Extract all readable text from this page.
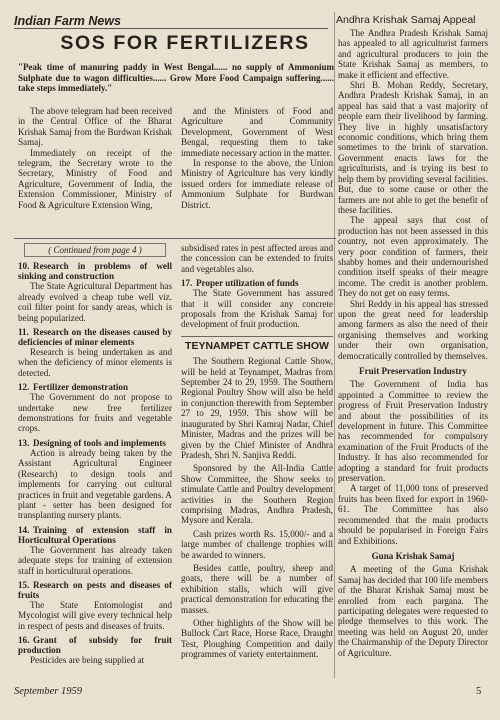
Indian Farm News	Andhra Krishak Samaj Appeal
SOS FOR FERTILIZERS
"Peak time of manuring paddy in West Bengal...... no supply of Ammonium Sulphate due to wagon difficulties...... Grow More Food Campaign suffering...... take steps immediately."

The above telegram had been received in the Central Office of the Bharat Krishak Samaj from the Burdwan Krishak Samaj.

Immediately on receipt of the telegram, the Secretary wrote to the Secretary, Ministry of Food and Agriculture, Government of India, the Extension Commissioner, Ministry of Food & Agriculture Extension Wing,

and the Ministers of Food and Agriculture and Community Development, Government of West Bengal, requesting them to take immediate necessary action in the matter.

In response to the above, the Union Ministry of Agriculture has very kindly issued orders for immediate release of Ammonium Sulphate for Burdwan District.

( Continued from page 4 )
10. Research in problems of well sinking and construction

The State Agricultural Department has already evolved a cheap tube well viz. coil filter point for sandy areas, which is being popularized.

11. Research on the diseases caused by deficiencies of minor elements

Research is being undertaken as and when the deficiency of minor elements is detected.

12. Fertilizer demonstration

The Government do not propose to undertake new free fertilizer demonstrations for fruits and vegetable crops.

13. Designing of tools and implements

Action is already being taken by the Assistant Agricultural Engineer (Research) to design tools and implements for carrying out cultural practices in fruit and vegetable gardens. A plant - setter has been designed for transplanting nursery plants.

14. Training of extension staff in Horticultural Operations

The Government has already taken adequate steps for training of extension staff in horticultural operations.

15. Research on pests and diseases of fruits

The State Entomologist and Mycologist will give every technical help in respect of pests and diseases of fruits.

16. Grant of subsidy for fruit production

Pesticides are being supplied at

subsidised rates in pest affected areas and the concession can be extended to fruits and vegetables also.

17. Proper utilization of funds

The State Government has assured that it will consider any concrete proposals from the Krishak Samaj for development of fruit production.

TEYNAMPET CATTLE SHOW

The Southern Regional Cattle Show, will be held at Teynampet, Madras from September 24 to 29, 1959. The Southern Regional Poultry Show will also be held in conjunction therewith from September 27 to 29, 1959. This show will be inaugurated by Shri Kamraj Nadar, Chief Minister, Madras and the prizes will be given by the Chief Minister of Andhra Pradesh, Shri N. Sanjiva Reddi.

Sponsored by the All-India Cattle Show Committee, the Show seeks to stimulate Cattle and Poultry development activities in the Southern Region comprising Madras, Andhra Pradesh, Mysore and Kerala.

Cash prizes worth Rs. 15,000/- and a large number of challenge trophies will be awarded to winners.

Besides cattle, poultry, sheep and goats, there will be a number of exhibition stalls, which will give practical demonstration for educating the masses.

Other highlights of the Show will be Bullock Cart Race, Horse Race, Draught Test, Ploughing Competition and daily programmes of variety entertainment.

The Andhra Pradesh Krishak Samaj has appealed to all agriculturist farmers and agricultural producers to join the State Krishak Samaj as members, to make it efficient and effective.

Shri B. Mohan Reddy, Secretary, Andhra Pradesh Krishak Samaj, in an appeal has said that a vast majority of people earn their livelihood by farming. They live in highly unsatisfactory economic conditions, which bring them sometimes to the brink of starvation. Government enacts laws for the agriculturists, and is trying its best to help them by providing several facilities. But, due to some cause or other the farmers are not able to get the benefit of these facilities.

The appeal says that cost of production has not been assessed in this country, not even approximately. The very poor condition of farmers, their shabby homes and their undernourished condition itself speaks of their meagre income. The credit is another problem. They do not get on easy terms.

Shri Reddy in his appeal has stressed upon the great need for leadership among farmers as also the need of their organising themselves and working under their own organisation, democratically controlled by themselves.

Fruit Preservation Industry

The Government of India has appointed a Committee to review the progress of Fruit Preservation Industry and about the possibilities of its development in future. This Committee has recommended for compulsory examination of the Fruit Products of the Industry. It has also recommended for adopting a standard for fruit products preservation.

A target of 11,000 tons of preserved fruits has been fixed for export in 1960-61. The Committee has also recommended that the main products should be popularised in Foreign Fairs and Exhibitions.

Guna Krishak Samaj

A meeting of the Guna Krishak Samaj has decided that 100 life members of the Bharat Krishak Samaj must be enrolled from each pargana. The participating delegates were requested to pledge themselves to this work. The meeting was held on August 20, under the Chairmanship of the Deputy Director of Agriculture.

September 1959	5
